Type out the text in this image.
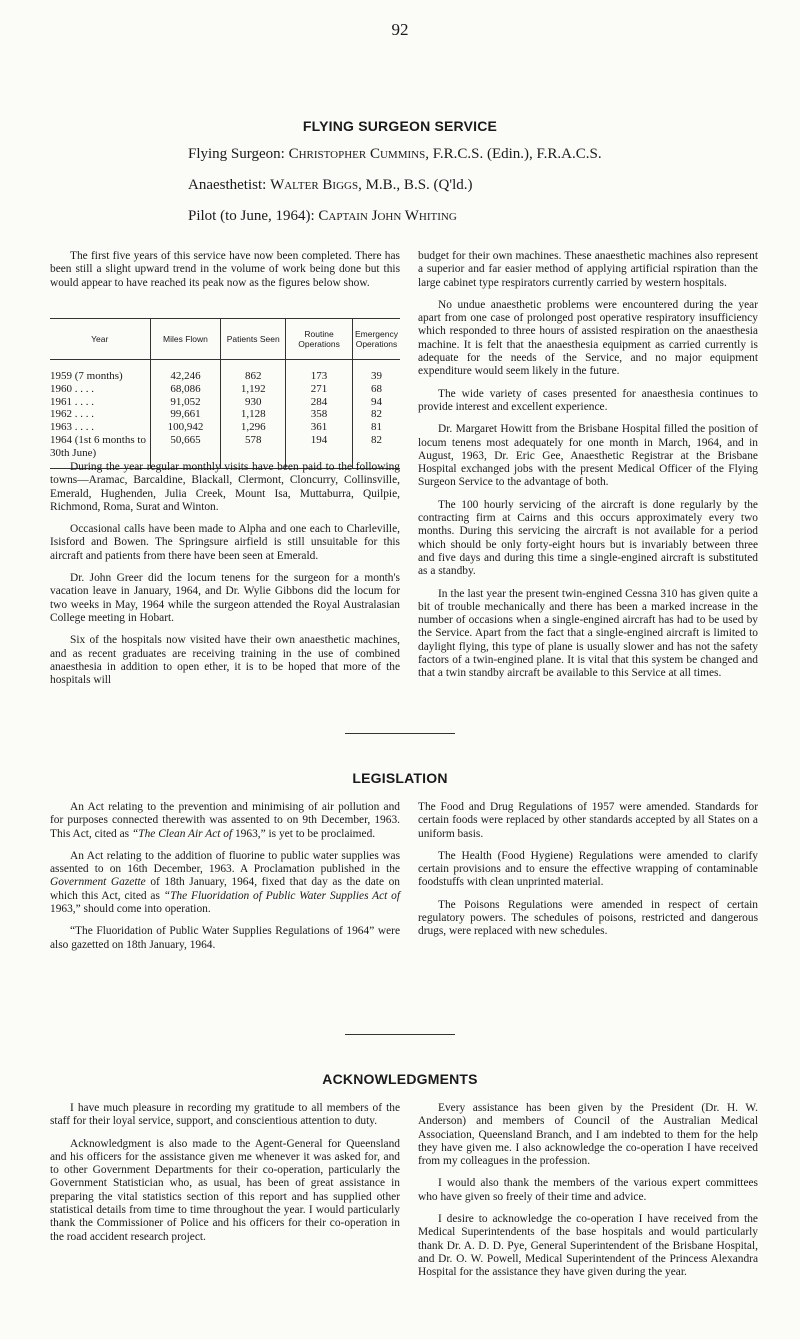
92
FLYING SURGEON SERVICE
Flying Surgeon: Christopher Cummins, F.R.C.S. (Edin.), F.R.A.C.S.
Anaesthetist: Walter Biggs, M.B., B.S. (Q'ld.)
Pilot (to June, 1964): Captain John Whiting

The first five years of this service have now been completed. There has been still a slight upward trend in the volume of work being done but this would appear to have reached its peak now as the figures below show.

Year	Miles Flown	Patients Seen	Routine Operations	Emergency Operations
1959 (7 months)	42,246	862	173	39
1960 . . . .	68,086	1,192	271	68
1961 . . . .	91,052	930	284	94
1962 . . . .	99,661	1,128	358	82
1963 . . . .	100,942	1,296	361	81
1964 (1st 6 months to 30th June)	50,665	578	194	82

During the year regular monthly visits have been paid to the following towns—Aramac, Barcaldine, Blackall, Clermont, Cloncurry, Collinsville, Emerald, Hughenden, Julia Creek, Mount Isa, Muttaburra, Quilpie, Richmond, Roma, Surat and Winton.

Occasional calls have been made to Alpha and one each to Charleville, Isisford and Bowen. The Springsure airfield is still unsuitable for this aircraft and patients from there have been seen at Emerald.

Dr. John Greer did the locum tenens for the surgeon for a month's vacation leave in January, 1964, and Dr. Wylie Gibbons did the locum for two weeks in May, 1964 while the surgeon attended the Royal Australasian College meeting in Hobart.

Six of the hospitals now visited have their own anaesthetic machines, and as recent graduates are receiving training in the use of combined anaesthesia in addition to open ether, it is to be hoped that more of the hospitals will

budget for their own machines. These anaesthetic machines also represent a superior and far easier method of applying artificial rspiration than the large cabinet type respirators currently carried by western hospitals.

No undue anaesthetic problems were encountered during the year apart from one case of prolonged post operative respiratory insufficiency which responded to three hours of assisted respiration on the anaesthesia machine. It is felt that the anaesthesia equipment as carried currently is adequate for the needs of the Service, and no major equipment expenditure would seem likely in the future.

The wide variety of cases presented for anaesthesia continues to provide interest and excellent experience.

Dr. Margaret Howitt from the Brisbane Hospital filled the position of locum tenens most adequately for one month in March, 1964, and in August, 1963, Dr. Eric Gee, Anaesthetic Registrar at the Brisbane Hospital exchanged jobs with the present Medical Officer of the Flying Surgeon Service to the advantage of both.

The 100 hourly servicing of the aircraft is done regularly by the contracting firm at Cairns and this occurs approximately every two months. During this servicing the aircraft is not available for a period which should be only forty-eight hours but is invariably between three and five days and during this time a single-engined aircraft is substituted as a standby.

In the last year the present twin-engined Cessna 310 has given quite a bit of trouble mechanically and there has been a marked increase in the number of occasions when a single-engined aircraft has had to be used by the Service. Apart from the fact that a single-engined aircraft is limited to daylight flying, this type of plane is usually slower and has not the safety factors of a twin-engined plane. It is vital that this system be changed and that a twin standby aircraft be available to this Service at all times.

LEGISLATION

An Act relating to the prevention and minimising of air pollution and for purposes connected therewith was assented to on 9th December, 1963. This Act, cited as “The Clean Air Act of 1963,” is yet to be proclaimed.

An Act relating to the addition of fluorine to public water supplies was assented to on 16th December, 1963. A Proclamation published in the Government Gazette of 18th January, 1964, fixed that day as the date on which this Act, cited as “The Fluoridation of Public Water Supplies Act of 1963,” should come into operation.

“The Fluoridation of Public Water Supplies Regulations of 1964” were also gazetted on 18th January, 1964.

The Food and Drug Regulations of 1957 were amended. Standards for certain foods were replaced by other standards accepted by all States on a uniform basis.

The Health (Food Hygiene) Regulations were amended to clarify certain provisions and to ensure the effective wrapping of contaminable foodstuffs with clean unprinted material.

The Poisons Regulations were amended in respect of certain regulatory powers. The schedules of poisons, restricted and dangerous drugs, were replaced with new schedules.

ACKNOWLEDGMENTS

I have much pleasure in recording my gratitude to all members of the staff for their loyal service, support, and conscientious attention to duty.

Acknowledgment is also made to the Agent-General for Queensland and his officers for the assistance given me whenever it was asked for, and to other Government Departments for their co-operation, particularly the Government Statistician who, as usual, has been of great assistance in preparing the vital statistics section of this report and has supplied other statistical details from time to time throughout the year. I would particularly thank the Commissioner of Police and his officers for their co-operation in the road accident research project.

Every assistance has been given by the President (Dr. H. W. Anderson) and members of Council of the Australian Medical Association, Queensland Branch, and I am indebted to them for the help they have given me. I also acknowledge the co-operation I have received from my colleagues in the profession.

I would also thank the members of the various expert committees who have given so freely of their time and advice.

I desire to acknowledge the co-operation I have received from the Medical Superintendents of the base hospitals and would particularly thank Dr. A. D. D. Pye, General Superintendent of the Brisbane Hospital, and Dr. O. W. Powell, Medical Superintendent of the Princess Alexandra Hospital for the assistance they have given during the year.
